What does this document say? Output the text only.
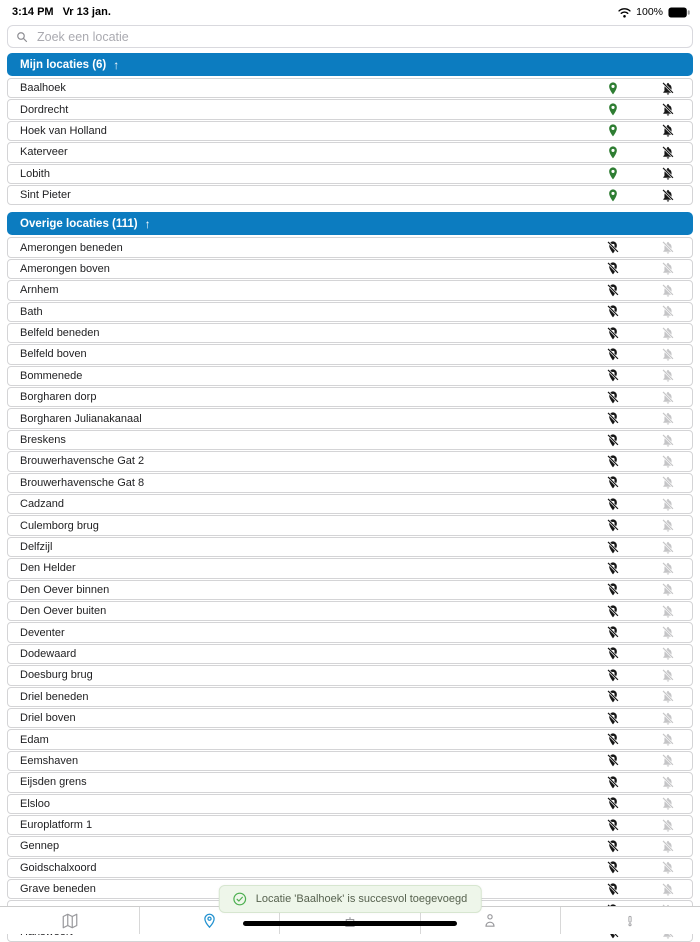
3:14 PM Vr 13 jan.	100%
Zoek een locatie
Mijn locaties (6) ↑
Baalhoek
Dordrecht
Hoek van Holland
Katerveer
Lobith
Sint Pieter
Overige locaties (111) ↑
Amerongen beneden
Amerongen boven
Arnhem
Bath
Belfeld beneden
Belfeld boven
Bommenede
Borgharen dorp
Borgharen Julianakanaal
Breskens
Brouwerhavensche Gat 2
Brouwerhavensche Gat 8
Cadzand
Culemborg brug
Delfzijl
Den Helder
Den Oever binnen
Den Oever buiten
Deventer
Dodewaard
Doesburg brug
Driel beneden
Driel boven
Edam
Eemshaven
Eijsden grens
Elsloo
Europlatform 1
Gennep
Goidschalxoord
Grave beneden
Locatie 'Baalhoek' is succesvol toegevoegd
